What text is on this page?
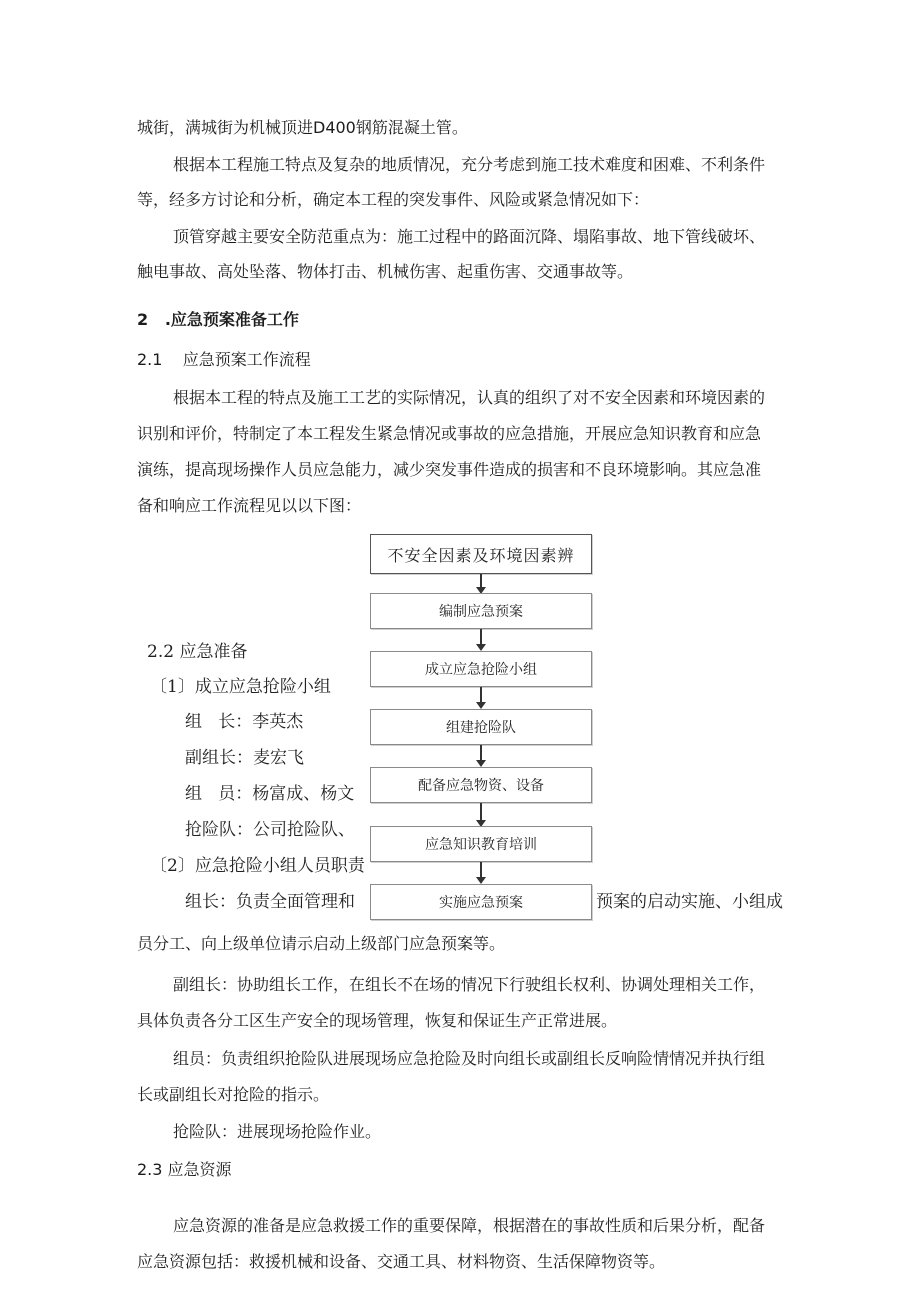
城街，满城街为机械顶进D400钢筋混凝土管。
根据本工程施工特点及复杂的地质情况，充分考虑到施工技术难度和困难、不利条件
等，经多方讨论和分析，确定本工程的突发事件、风险或紧急情况如下：
顶管穿越主要安全防范重点为：施工过程中的路面沉降、塌陷事故、地下管线破坏、
触电事故、高处坠落、物体打击、机械伤害、起重伤害、交通事故等。
2   .应急预案准备工作
2.1    应急预案工作流程
根据本工程的特点及施工工艺的实际情况，认真的组织了对不安全因素和环境因素的
识别和评价，特制定了本工程发生紧急情况或事故的应急措施，开展应急知识教育和应急
演练，提高现场操作人员应急能力，减少突发事件造成的损害和不良环境影响。其应急准
备和响应工作流程见以以下图：
2.2 应急准备
〔1〕成立应急抢险小组
组   长：李英杰
副组长：麦宏飞
组   员：杨富成、杨文
抢险队：公司抢险队、
〔2〕应急抢险小组人员职责
组长：负责全面管理和	预案的启动实施、小组成
不安全因素及环境因素辨
编制应急预案
成立应急抢险小组
组建抢险队
配备应急物资、设备
应急知识教育培训
实施应急预案
员分工、向上级单位请示启动上级部门应急预案等。
副组长：协助组长工作，在组长不在场的情况下行驶组长权利、协调处理相关工作，
具体负责各分工区生产安全的现场管理，恢复和保证生产正常进展。
组员：负责组织抢险队进展现场应急抢险及时向组长或副组长反响险情情况并执行组
长或副组长对抢险的指示。
抢险队：进展现场抢险作业。
2.3 应急资源
应急资源的准备是应急救援工作的重要保障，根据潜在的事故性质和后果分析，配备
应急资源包括：救援机械和设备、交通工具、材料物资、生活保障物资等。
